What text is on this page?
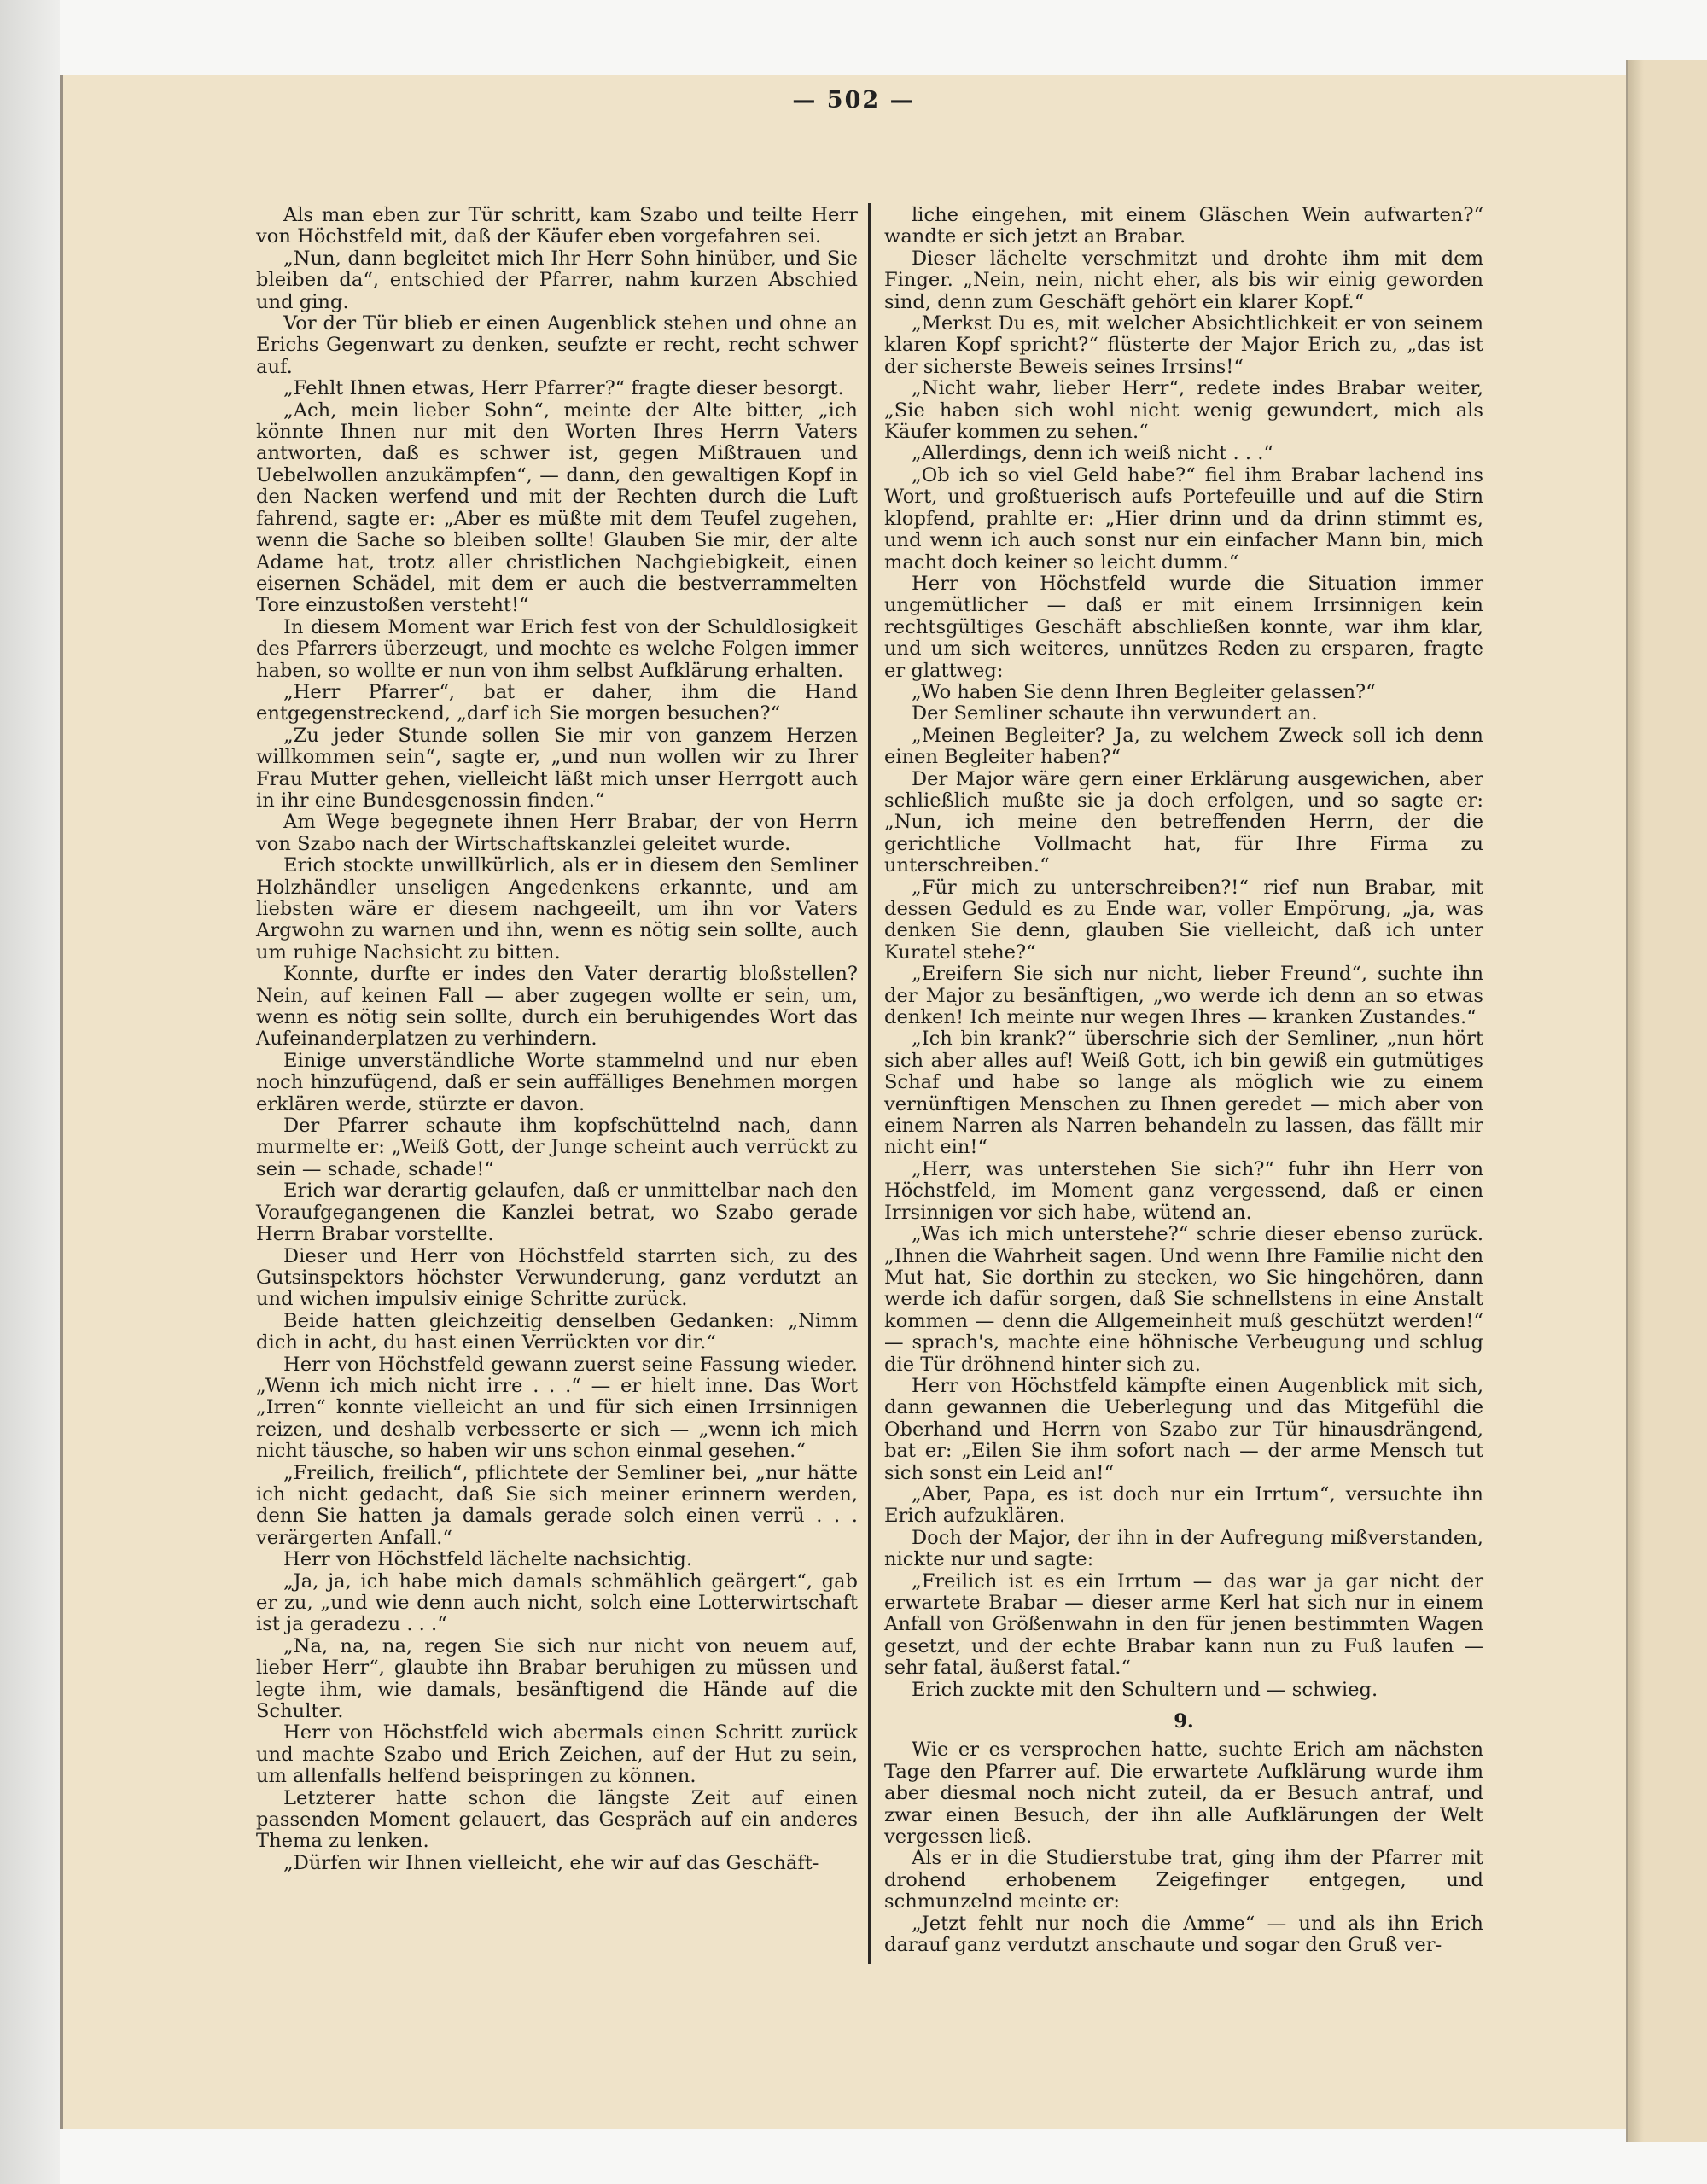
— 502 —

Als man eben zur Tür schritt, kam Szabo und teilte Herr von Höchstfeld mit, daß der Käufer eben vorgefahren sei.

„Nun, dann begleitet mich Ihr Herr Sohn hinüber, und Sie bleiben da“, entschied der Pfarrer, nahm kurzen Abschied und ging.

Vor der Tür blieb er einen Augenblick stehen und ohne an Erichs Gegenwart zu denken, seufzte er recht, recht schwer auf.

„Fehlt Ihnen etwas, Herr Pfarrer?“ fragte dieser besorgt.

„Ach, mein lieber Sohn“, meinte der Alte bitter, „ich könnte Ihnen nur mit den Worten Ihres Herrn Vaters antworten, daß es schwer ist, gegen Mißtrauen und Uebelwollen anzukämpfen“, — dann, den gewaltigen Kopf in den Nacken werfend und mit der Rechten durch die Luft fahrend, sagte er: „Aber es müßte mit dem Teufel zugehen, wenn die Sache so bleiben sollte! Glauben Sie mir, der alte Adame hat, trotz aller christlichen Nachgiebigkeit, einen eisernen Schädel, mit dem er auch die bestverrammelten Tore einzustoßen versteht!“

In diesem Moment war Erich fest von der Schuldlosigkeit des Pfarrers überzeugt, und mochte es welche Folgen immer haben, so wollte er nun von ihm selbst Aufklärung erhalten.

„Herr Pfarrer“, bat er daher, ihm die Hand entgegenstreckend, „darf ich Sie morgen besuchen?“

„Zu jeder Stunde sollen Sie mir von ganzem Herzen willkommen sein“, sagte er, „und nun wollen wir zu Ihrer Frau Mutter gehen, vielleicht läßt mich unser Herrgott auch in ihr eine Bundesgenossin finden.“

Am Wege begegnete ihnen Herr Brabar, der von Herrn von Szabo nach der Wirtschaftskanzlei geleitet wurde.

Erich stockte unwillkürlich, als er in diesem den Semliner Holzhändler unseligen Angedenkens erkannte, und am liebsten wäre er diesem nachgeeilt, um ihn vor Vaters Argwohn zu warnen und ihn, wenn es nötig sein sollte, auch um ruhige Nachsicht zu bitten.

Konnte, durfte er indes den Vater derartig bloßstellen? Nein, auf keinen Fall — aber zugegen wollte er sein, um, wenn es nötig sein sollte, durch ein beruhigendes Wort das Aufeinanderplatzen zu verhindern.

Einige unverständliche Worte stammelnd und nur eben noch hinzufügend, daß er sein auffälliges Benehmen morgen erklären werde, stürzte er davon.

Der Pfarrer schaute ihm kopfschüttelnd nach, dann murmelte er: „Weiß Gott, der Junge scheint auch verrückt zu sein — schade, schade!“

Erich war derartig gelaufen, daß er unmittelbar nach den Voraufgegangenen die Kanzlei betrat, wo Szabo gerade Herrn Brabar vorstellte.

Dieser und Herr von Höchstfeld starrten sich, zu des Gutsinspektors höchster Verwunderung, ganz verdutzt an und wichen impulsiv einige Schritte zurück.

Beide hatten gleichzeitig denselben Gedanken: „Nimm dich in acht, du hast einen Verrückten vor dir.“

Herr von Höchstfeld gewann zuerst seine Fassung wieder. „Wenn ich mich nicht irre . . .“ — er hielt inne. Das Wort „Irren“ konnte vielleicht an und für sich einen Irrsinnigen reizen, und deshalb verbesserte er sich — „wenn ich mich nicht täusche, so haben wir uns schon einmal gesehen.“

„Freilich, freilich“, pflichtete der Semliner bei, „nur hätte ich nicht gedacht, daß Sie sich meiner erinnern werden, denn Sie hatten ja damals gerade solch einen verrü . . . verärgerten Anfall.“

Herr von Höchstfeld lächelte nachsichtig.

„Ja, ja, ich habe mich damals schmählich geärgert“, gab er zu, „und wie denn auch nicht, solch eine Lotterwirtschaft ist ja geradezu . . .“

„Na, na, na, regen Sie sich nur nicht von neuem auf, lieber Herr“, glaubte ihn Brabar beruhigen zu müssen und legte ihm, wie damals, besänftigend die Hände auf die Schulter.

Herr von Höchstfeld wich abermals einen Schritt zurück und machte Szabo und Erich Zeichen, auf der Hut zu sein, um allenfalls helfend beispringen zu können.

Letzterer hatte schon die längste Zeit auf einen passenden Moment gelauert, das Gespräch auf ein anderes Thema zu lenken.

„Dürfen wir Ihnen vielleicht, ehe wir auf das Geschäft-

liche eingehen, mit einem Gläschen Wein aufwarten?“ wandte er sich jetzt an Brabar.

Dieser lächelte verschmitzt und drohte ihm mit dem Finger. „Nein, nein, nicht eher, als bis wir einig geworden sind, denn zum Geschäft gehört ein klarer Kopf.“

„Merkst Du es, mit welcher Absichtlichkeit er von seinem klaren Kopf spricht?“ flüsterte der Major Erich zu, „das ist der sicherste Beweis seines Irrsins!“

„Nicht wahr, lieber Herr“, redete indes Brabar weiter, „Sie haben sich wohl nicht wenig gewundert, mich als Käufer kommen zu sehen.“

„Allerdings, denn ich weiß nicht . . .“

„Ob ich so viel Geld habe?“ fiel ihm Brabar lachend ins Wort, und großtuerisch aufs Portefeuille und auf die Stirn klopfend, prahlte er: „Hier drinn und da drinn stimmt es, und wenn ich auch sonst nur ein einfacher Mann bin, mich macht doch keiner so leicht dumm.“

Herr von Höchstfeld wurde die Situation immer ungemütlicher — daß er mit einem Irrsinnigen kein rechtsgültiges Geschäft abschließen konnte, war ihm klar, und um sich weiteres, unnützes Reden zu ersparen, fragte er glattweg:

„Wo haben Sie denn Ihren Begleiter gelassen?“

Der Semliner schaute ihn verwundert an.

„Meinen Begleiter? Ja, zu welchem Zweck soll ich denn einen Begleiter haben?“

Der Major wäre gern einer Erklärung ausgewichen, aber schließlich mußte sie ja doch erfolgen, und so sagte er: „Nun, ich meine den betreffenden Herrn, der die gerichtliche Vollmacht hat, für Ihre Firma zu unterschreiben.“

„Für mich zu unterschreiben?!“ rief nun Brabar, mit dessen Geduld es zu Ende war, voller Empörung, „ja, was denken Sie denn, glauben Sie vielleicht, daß ich unter Kuratel stehe?“

„Ereifern Sie sich nur nicht, lieber Freund“, suchte ihn der Major zu besänftigen, „wo werde ich denn an so etwas denken! Ich meinte nur wegen Ihres — kranken Zustandes.“

„Ich bin krank?“ überschrie sich der Semliner, „nun hört sich aber alles auf! Weiß Gott, ich bin gewiß ein gutmütiges Schaf und habe so lange als möglich wie zu einem vernünftigen Menschen zu Ihnen geredet — mich aber von einem Narren als Narren behandeln zu lassen, das fällt mir nicht ein!“

„Herr, was unterstehen Sie sich?“ fuhr ihn Herr von Höchstfeld, im Moment ganz vergessend, daß er einen Irrsinnigen vor sich habe, wütend an.

„Was ich mich unterstehe?“ schrie dieser ebenso zurück. „Ihnen die Wahrheit sagen. Und wenn Ihre Familie nicht den Mut hat, Sie dorthin zu stecken, wo Sie hingehören, dann werde ich dafür sorgen, daß Sie schnellstens in eine Anstalt kommen — denn die Allgemeinheit muß geschützt werden!“ — sprach's, machte eine höhnische Verbeugung und schlug die Tür dröhnend hinter sich zu.

Herr von Höchstfeld kämpfte einen Augenblick mit sich, dann gewannen die Ueberlegung und das Mitgefühl die Oberhand und Herrn von Szabo zur Tür hinausdrängend, bat er: „Eilen Sie ihm sofort nach — der arme Mensch tut sich sonst ein Leid an!“

„Aber, Papa, es ist doch nur ein Irrtum“, versuchte ihn Erich aufzuklären.

Doch der Major, der ihn in der Aufregung mißverstanden, nickte nur und sagte:

„Freilich ist es ein Irrtum — das war ja gar nicht der erwartete Brabar — dieser arme Kerl hat sich nur in einem Anfall von Größenwahn in den für jenen bestimmten Wagen gesetzt, und der echte Brabar kann nun zu Fuß laufen — sehr fatal, äußerst fatal.“

Erich zuckte mit den Schultern und — schwieg.

9.

Wie er es versprochen hatte, suchte Erich am nächsten Tage den Pfarrer auf. Die erwartete Aufklärung wurde ihm aber diesmal noch nicht zuteil, da er Besuch antraf, und zwar einen Besuch, der ihn alle Aufklärungen der Welt vergessen ließ.

Als er in die Studierstube trat, ging ihm der Pfarrer mit drohend erhobenem Zeigefinger entgegen, und schmunzelnd meinte er:

„Jetzt fehlt nur noch die Amme“ — und als ihn Erich darauf ganz verdutzt anschaute und sogar den Gruß ver-
